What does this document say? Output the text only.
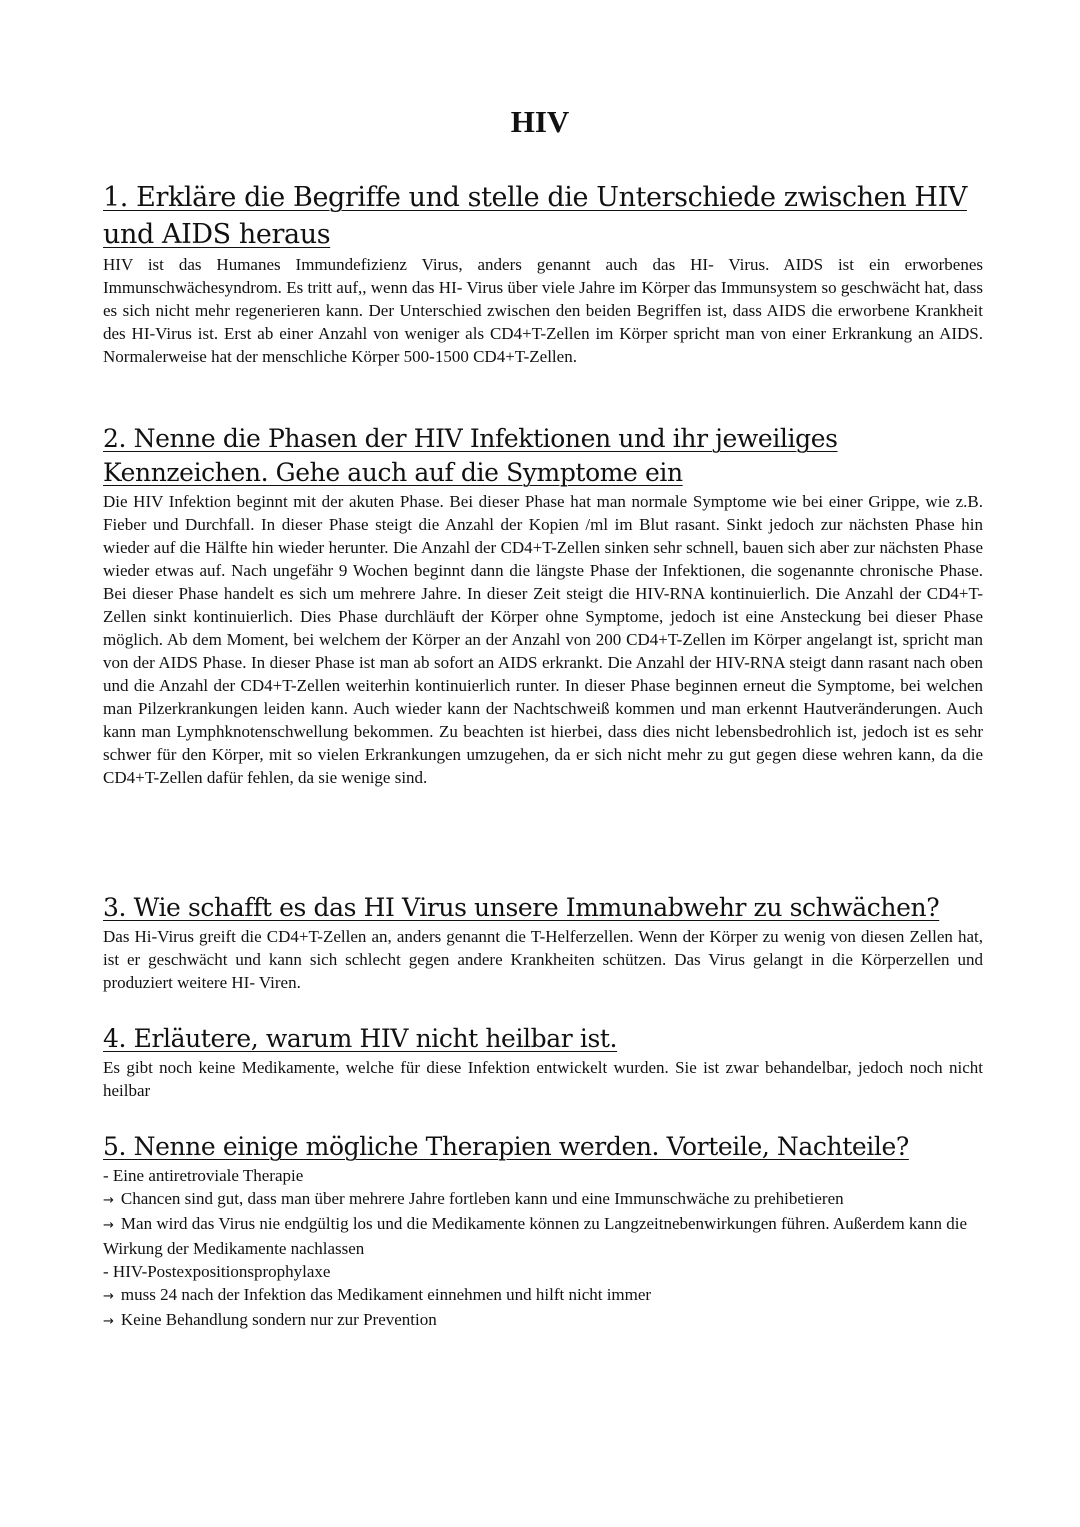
HIV
1. Erkläre die Begriffe und stelle die Unterschiede zwischen HIV und AIDS heraus

HIV ist das Humanes Immundefizienz Virus, anders genannt auch das HI- Virus. AIDS ist ein erworbenes Immunschwächesyndrom. Es tritt auf,, wenn das HI- Virus über viele Jahre im Körper das Immunsystem so geschwächt hat, dass es sich nicht mehr regenerieren kann. Der Unterschied zwischen den beiden Begriffen ist, dass AIDS die erworbene Krankheit des HI-Virus ist. Erst ab einer Anzahl von weniger als CD4+T-Zellen im Körper spricht man von einer Erkrankung an AIDS. Normalerweise hat der menschliche Körper 500-1500 CD4+T-Zellen.

2. Nenne die Phasen der HIV Infektionen und ihr jeweiliges Kennzeichen. Gehe auch auf die Symptome ein

Die HIV Infektion beginnt mit der akuten Phase. Bei dieser Phase hat man normale Symptome wie bei einer Grippe, wie z.B. Fieber und Durchfall. In dieser Phase steigt die Anzahl der Kopien /ml im Blut rasant. Sinkt jedoch zur nächsten Phase hin wieder auf die Hälfte hin wieder herunter. Die Anzahl der CD4+T-Zellen sinken sehr schnell, bauen sich aber zur nächsten Phase wieder etwas auf. Nach ungefähr 9 Wochen beginnt dann die längste Phase der Infektionen, die sogenannte chronische Phase. Bei dieser Phase handelt es sich um mehrere Jahre. In dieser Zeit steigt die HIV-RNA kontinuierlich. Die Anzahl der CD4+T-Zellen sinkt kontinuierlich. Dies Phase durchläuft der Körper ohne Symptome, jedoch ist eine Ansteckung bei dieser Phase möglich. Ab dem Moment, bei welchem der Körper an der Anzahl von 200 CD4+T-Zellen im Körper angelangt ist, spricht man von der AIDS Phase. In dieser Phase ist man ab sofort an AIDS erkrankt. Die Anzahl der HIV-RNA steigt dann rasant nach oben und die Anzahl der CD4+T-Zellen weiterhin kontinuierlich runter. In dieser Phase beginnen erneut die Symptome, bei welchen man Pilzerkrankungen leiden kann. Auch wieder kann der Nachtschweiß kommen und man erkennt Hautveränderungen. Auch kann man Lymphknotenschwellung bekommen. Zu beachten ist hierbei, dass dies nicht lebensbedrohlich ist, jedoch ist es sehr schwer für den Körper, mit so vielen Erkrankungen umzugehen, da er sich nicht mehr zu gut gegen diese wehren kann, da die CD4+T-Zellen dafür fehlen, da sie wenige sind.

3. Wie schafft es das HI Virus unsere Immunabwehr zu schwächen?

Das Hi-Virus greift die CD4+T-Zellen an, anders genannt die T-Helferzellen. Wenn der Körper zu wenig von diesen Zellen hat, ist er geschwächt und kann sich schlecht gegen andere Krankheiten schützen. Das Virus gelangt in die Körperzellen und produziert weitere HI- Viren.

4. Erläutere, warum HIV nicht heilbar ist.

Es gibt noch keine Medikamente, welche für diese Infektion entwickelt wurden. Sie ist zwar behandelbar, jedoch noch nicht heilbar

5. Nenne einige mögliche Therapien werden. Vorteile, Nachteile?

- Eine antiretroviale Therapie

→ Chancen sind gut, dass man über mehrere Jahre fortleben kann und eine Immunschwäche zu prehibetieren

→ Man wird das Virus nie endgültig los und die Medikamente können zu Langzeitnebenwirkungen führen. Außerdem kann die Wirkung der Medikamente nachlassen

- HIV-Postexpositionsprophylaxe

→ muss 24 nach der Infektion das Medikament einnehmen und hilft nicht immer

→ Keine Behandlung sondern nur zur Prevention
